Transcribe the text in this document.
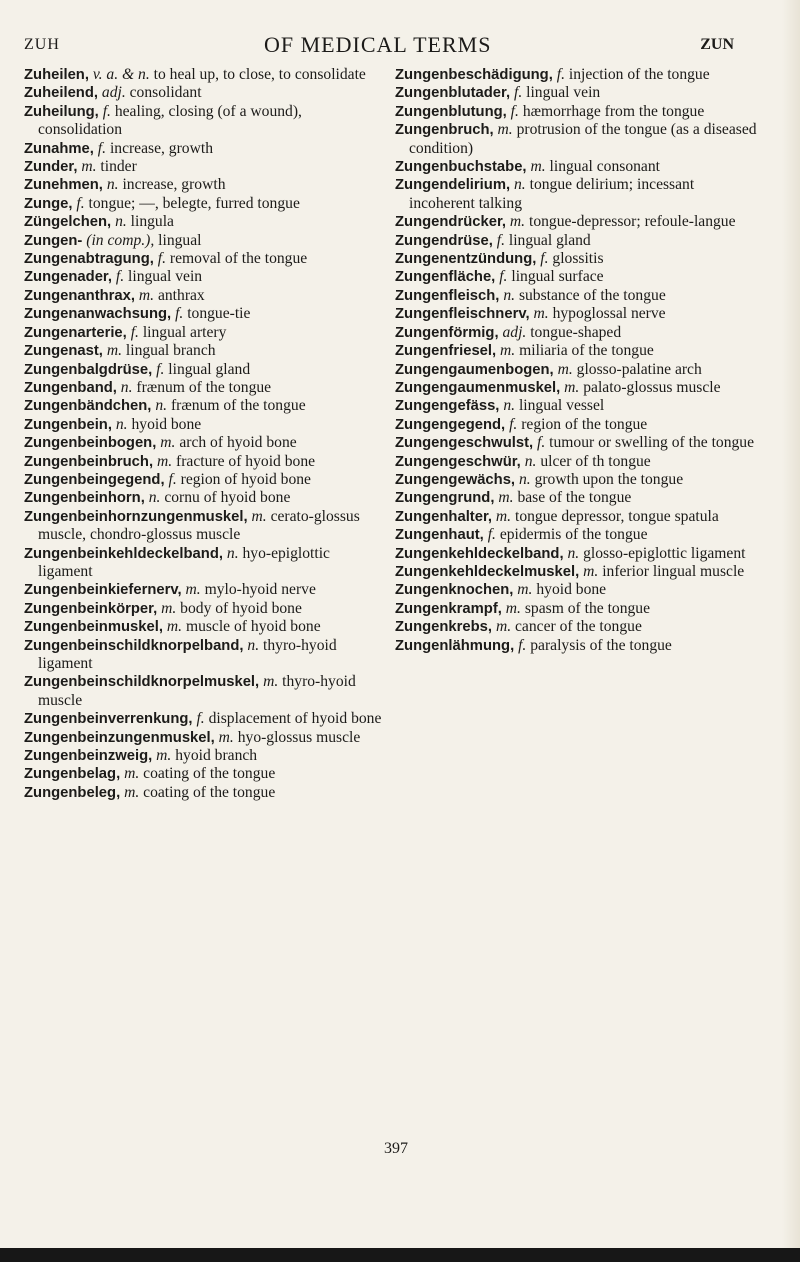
ZUH	OF MEDICAL TERMS	ZUN

Zuheilen, v. a. & n. to heal up, to close, to consolidate

Zuheilend, adj. consolidant

Zuheilung, f. healing, closing (of a wound), consolidation

Zunahme, f. increase, growth

Zunder, m. tinder

Zunehmen, n. increase, growth

Zunge, f. tongue; —, belegte, furred tongue

Züngelchen, n. lingula

Zungen- (in comp.), lingual

Zungenabtragung, f. removal of the tongue

Zungenader, f. lingual vein

Zungenanthrax, m. anthrax

Zungenanwachsung, f. tongue-tie

Zungenarterie, f. lingual artery

Zungenast, m. lingual branch

Zungenbalgdrüse, f. lingual gland

Zungenband, n. frænum of the tongue

Zungenbändchen, n. frænum of the tongue

Zungenbein, n. hyoid bone

Zungenbeinbogen, m. arch of hyoid bone

Zungenbeinbruch, m. fracture of hyoid bone

Zungenbeingegend, f. region of hyoid bone

Zungenbeinhorn, n. cornu of hyoid bone

Zungenbeinhornzungenmuskel, m. cerato-glossus muscle, chondro-glossus muscle

Zungenbeinkehldeckelband, n. hyo-epiglottic ligament

Zungenbeinkiefernerv, m. mylo-hyoid nerve

Zungenbeinkörper, m. body of hyoid bone

Zungenbeinmuskel, m. muscle of hyoid bone

Zungenbeinschildknorpelband, n. thyro-hyoid ligament

Zungenbeinschildknorpelmuskel, m. thyro-hyoid muscle

Zungenbeinverrenkung, f. displacement of hyoid bone

Zungenbeinzungenmuskel, m. hyo-glossus muscle

Zungenbeinzweig, m. hyoid branch

Zungenbelag, m. coating of the tongue

Zungenbeleg, m. coating of the tongue

Zungenbeschädigung, f. injection of the tongue

Zungenblutader, f. lingual vein

Zungenblutung, f. hæmorrhage from the tongue

Zungenbruch, m. protrusion of the tongue (as a diseased condition)

Zungenbuchstabe, m. lingual consonant

Zungendelirium, n. tongue delirium; incessant incoherent talking

Zungendrücker, m. tongue-depressor; refoule-langue

Zungendrüse, f. lingual gland

Zungenentzündung, f. glossitis

Zungenfläche, f. lingual surface

Zungenfleisch, n. substance of the tongue

Zungenfleischnerv, m. hypoglossal nerve

Zungenförmig, adj. tongue-shaped

Zungenfriesel, m. miliaria of the tongue

Zungengaumenbogen, m. glosso-palatine arch

Zungengaumenmuskel, m. palato-glossus muscle

Zungengefäss, n. lingual vessel

Zungengegend, f. region of the tongue

Zungengeschwulst, f. tumour or swelling of the tongue

Zungengeschwür, n. ulcer of th tongue

Zungengewächs, n. growth upon the tongue

Zungengrund, m. base of the tongue

Zungenhalter, m. tongue depressor, tongue spatula

Zungenhaut, f. epidermis of the tongue

Zungenkehldeckelband, n. glosso-epiglottic ligament

Zungenkehldeckelmuskel, m. inferior lingual muscle

Zungenknochen, m. hyoid bone

Zungenkrampf, m. spasm of the tongue

Zungenkrebs, m. cancer of the tongue

Zungenlähmung, f. paralysis of the tongue

397
